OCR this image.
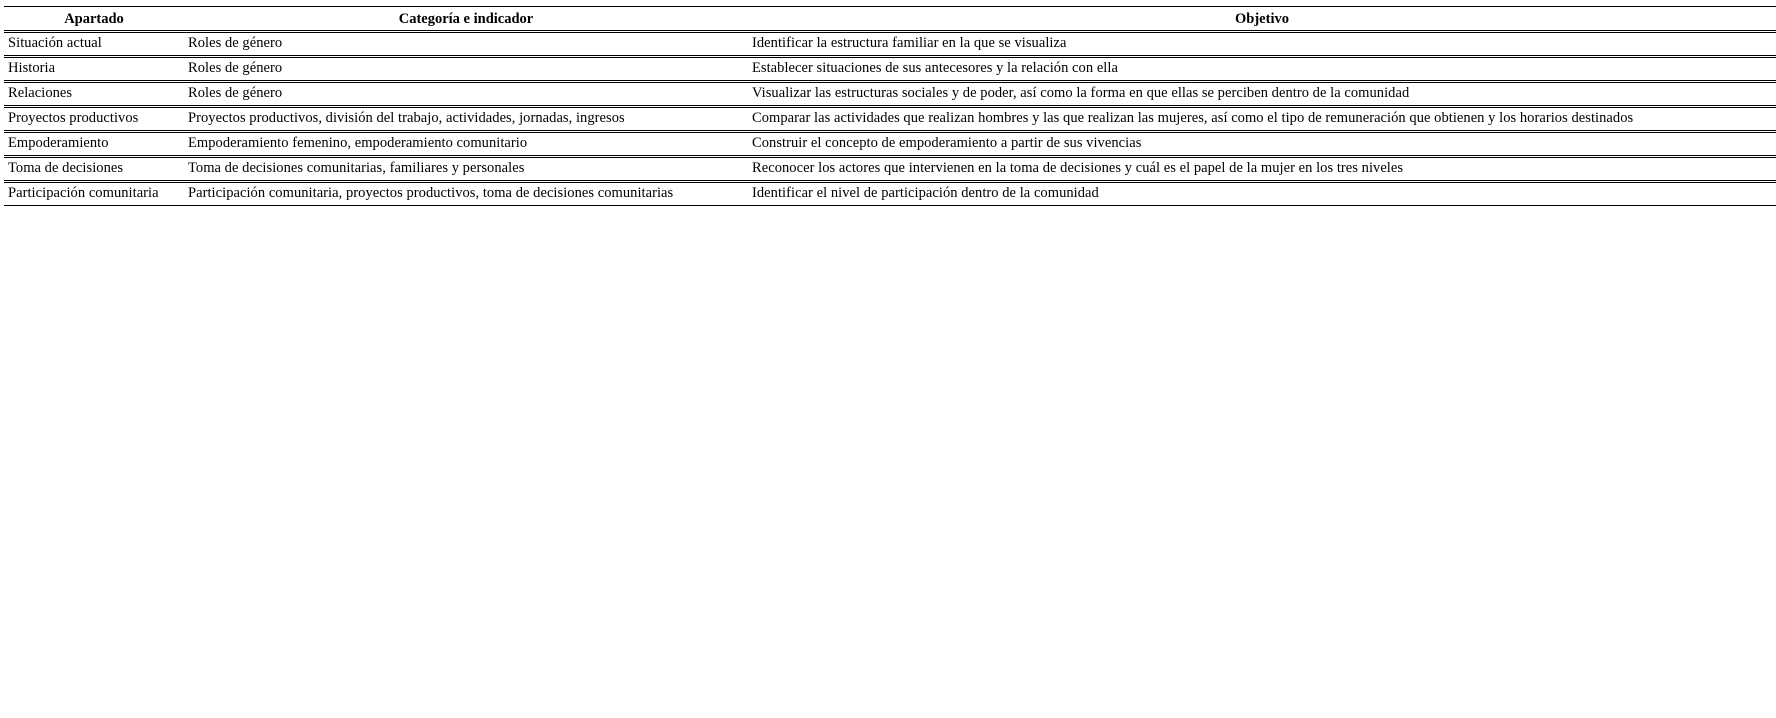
Apartado	Categoría e indicador	Objetivo
Situación actual	Roles de género	Identificar la estructura familiar en la que se visualiza
Historia	Roles de género	Establecer situaciones de sus antecesores y la relación con ella
Relaciones	Roles de género	Visualizar las estructuras sociales y de poder, así como la forma en que ellas se perciben dentro de la comunidad
Proyectos productivos	Proyectos productivos, división del trabajo, actividades, jornadas, ingresos	Comparar las actividades que realizan hombres y las que realizan las mujeres, así como el tipo de remuneración que obtienen y los horarios destinados
Empoderamiento	Empoderamiento femenino, empoderamiento comunitario	Construir el concepto de empoderamiento a partir de sus vivencias
Toma de decisiones	Toma de decisiones comunitarias, familiares y personales	Reconocer los actores que intervienen en la toma de decisiones y cuál es el papel de la mujer en los tres niveles
Participación comunitaria	Participación comunitaria, proyectos productivos, toma de decisiones comunitarias	Identificar el nivel de participación dentro de la comunidad
